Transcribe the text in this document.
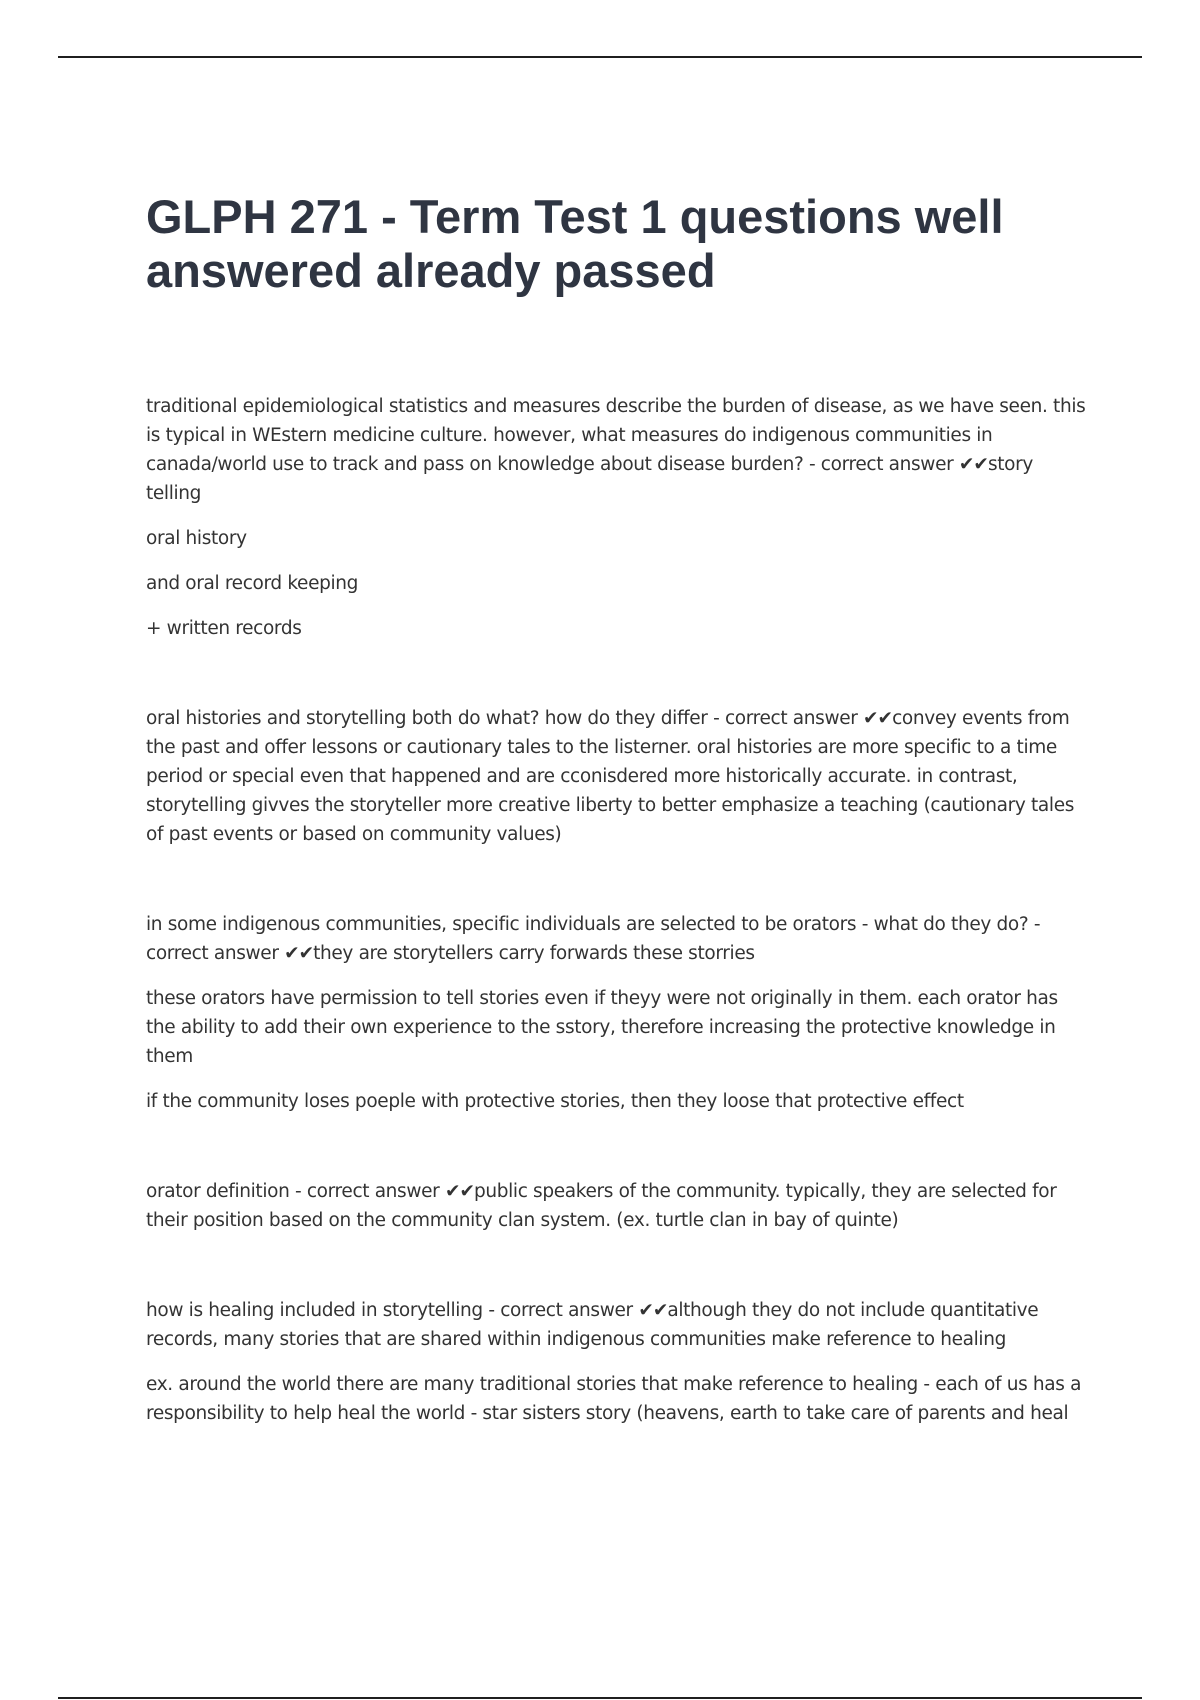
GLPH 271 - Term Test 1 questions well answered already passed

traditional epidemiological statistics and measures describe the burden of disease, as we have seen. this is typical in WEstern medicine culture. however, what measures do indigenous communities in canada/world use to track and pass on knowledge about disease burden? - correct answer ✔✔story telling

oral history

and oral record keeping

+ written records

oral histories and storytelling both do what? how do they differ - correct answer ✔✔convey events from the past and offer lessons or cautionary tales to the listerner. oral histories are more specific to a time period or special even that happened and are cconisdered more historically accurate. in contrast, storytelling givves the storyteller more creative liberty to better emphasize a teaching (cautionary tales of past events or based on community values)

in some indigenous communities, specific individuals are selected to be orators - what do they do? - correct answer ✔✔they are storytellers carry forwards these storries

these orators have permission to tell stories even if theyy were not originally in them. each orator has the ability to add their own experience to the sstory, therefore increasing the protective knowledge in them

if the community loses poeple with protective stories, then they loose that protective effect

orator definition - correct answer ✔✔public speakers of the community. typically, they are selected for their position based on the community clan system. (ex. turtle clan in bay of quinte)

how is healing included in storytelling - correct answer ✔✔although they do not include quantitative records, many stories that are shared within indigenous communities make reference to healing

ex. around the world there are many traditional stories that make reference to healing - each of us has a responsibility to help heal the world - star sisters story (heavens, earth to take care of parents and heal
